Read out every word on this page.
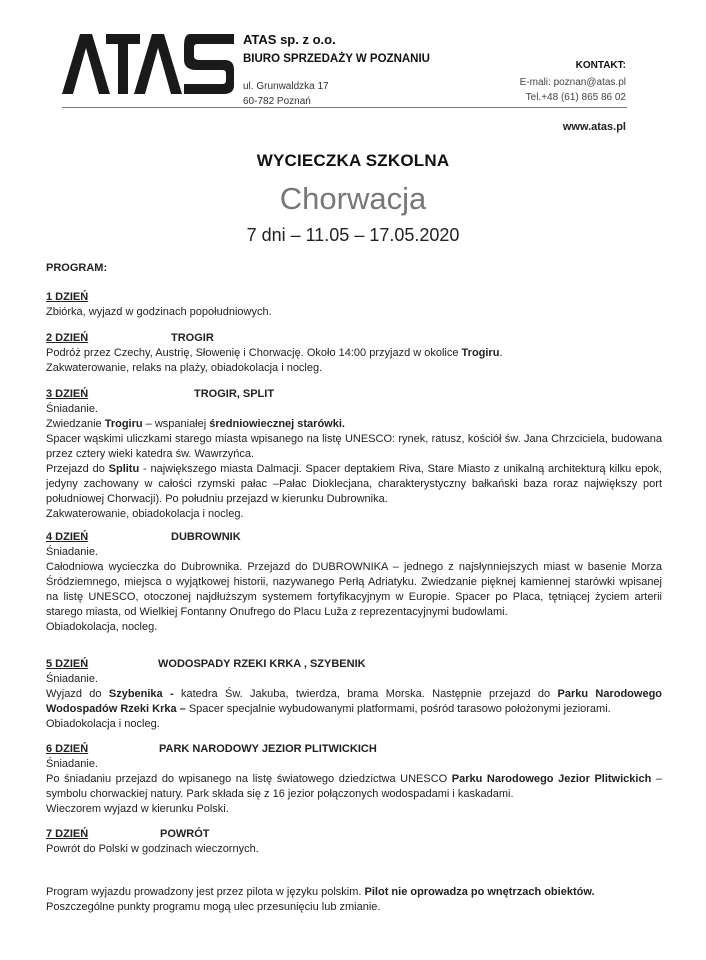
ATAS sp. z o.o.
BIURO SPRZEDAŻY W POZNANIU
ul. Grunwaldzka 17
60-782 Poznań
KONTAKT:
E-mali: poznan@atas.pl
Tel.+48 (61) 865 86 02
www.atas.pl
WYCIECZKA SZKOLNA
Chorwacja
7 dni – 11.05 – 17.05.2020
PROGRAM:
1 DZIEŃ

Zbiórka, wyjazd w godzinach popołudniowych.

2 DZIEŃ	TROGIR

Podróż przez Czechy, Austrię, Słowenię i Chorwację. Około 14:00 przyjazd w okolice Trogiru.

Zakwaterowanie, relaks na plaży, obiadokolacja i nocleg.

3 DZIEŃ	TROGIR, SPLIT

Śniadanie.

Zwiedzanie Trogiru – wspaniałej średniowiecznej starówki.

Spacer wąskimi uliczkami starego miasta wpisanego na listę UNESCO: rynek, ratusz, kościół św. Jana Chrzciciela, budowana przez cztery wieki katedra św. Wawrzyńca.

Przejazd do Splitu - największego miasta Dalmacji. Spacer deptakiem Riva, Stare Miasto z unikalną architekturą kilku epok, jedyny zachowany w całości rzymski pałac –Pałac Dioklecjana, charakterystyczny bałkański baza roraz największy port południowej Chorwacji). Po południu przejazd w kierunku Dubrownika.

Zakwaterowanie, obiadokolacja i nocleg.

4 DZIEŃ	DUBROWNIK

Śniadanie.

Całodniowa wycieczka do Dubrownika. Przejazd do DUBROWNIKA – jednego z najsłynniejszych miast w basenie Morza Śródziemnego, miejsca o wyjątkowej historii, nazywanego Perłą Adriatyku. Zwiedzanie pięknej kamiennej starówki wpisanej na listę UNESCO, otoczonej najdłuższym systemem fortyfikacyjnym w Europie. Spacer po Placa, tętniącej życiem arterii starego miasta, od Wielkiej Fontanny Onufrego do Placu Luža z reprezentacyjnymi budowlami.

Obiadokolacja, nocleg.

5 DZIEŃ	WODOSPADY RZEKI KRKA , SZYBENIK

Śniadanie.

Wyjazd do Szybenika - katedra Św. Jakuba, twierdza, brama Morska. Następnie przejazd do Parku Narodowego Wodospadów Rzeki Krka – Spacer specjalnie wybudowanymi platformami, pośród tarasowo położonymi jeziorami.

Obiadokolacja i nocleg.

6 DZIEŃ	PARK NARODOWY JEZIOR PLITWICKICH

Śniadanie.

Po śniadaniu przejazd do wpisanego na listę światowego dziedzictwa UNESCO Parku Narodowego Jezior Plitwickich – symbolu chorwackiej natury. Park składa się z 16 jezior połączonych wodospadami i kaskadami.

Wieczorem wyjazd w kierunku Polski.

7 DZIEŃ	POWRÓT

Powrót do Polski w godzinach wieczornych.

Program wyjazdu prowadzony jest przez pilota w języku polskim. Pilot nie oprowadza po wnętrzach obiektów.

Poszczególne punkty programu mogą ulec przesunięciu lub zmianie.
